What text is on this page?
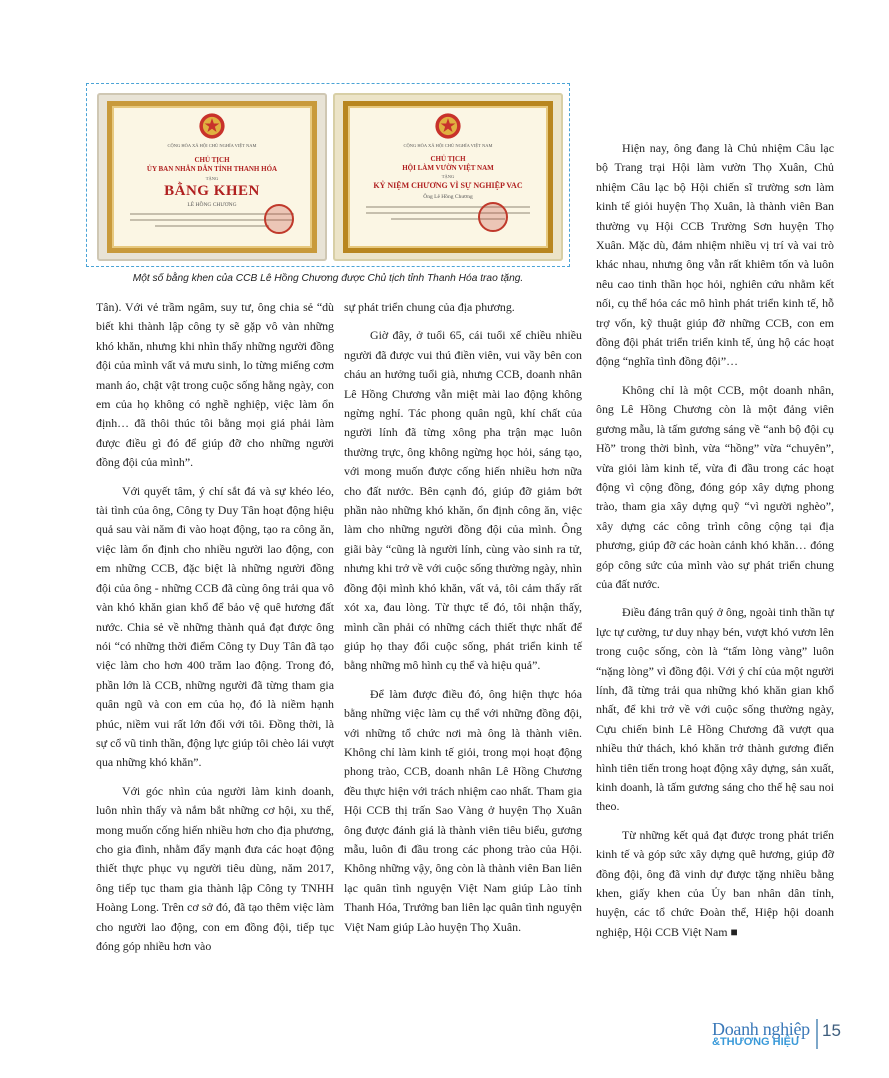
CỘNG HÒA XÃ HỘI CHỦ NGHĨA VIỆT NAM
CHỦ TỊCH
ỦY BAN NHÂN DÂN TỈNH THANH HÓA
TẶNG
BẰNG KHEN
LÊ HỒNG CHƯƠNG
CỘNG HÒA XÃ HỘI CHỦ NGHĨA VIỆT NAM
CHỦ TỊCH
HỘI LÀM VƯỜN VIỆT NAM
TẶNG
KỶ NIỆM CHƯƠNG VÌ SỰ NGHIỆP VAC
Ông Lê Hồng Chương
Một số bằng khen của CCB Lê Hồng Chương được Chủ tịch tỉnh Thanh Hóa trao tặng.

Tân). Với vẻ trầm ngâm, suy tư, ông chia sẻ “dù biết khi thành lập công ty sẽ gặp vô vàn những khó khăn, nhưng khi nhìn thấy những người đồng đội của mình vất vả mưu sinh, lo từng miếng cơm manh áo, chật vật trong cuộc sống hằng ngày, con em của họ không có nghề nghiệp, việc làm ổn định… đã thôi thúc tôi bằng mọi giá phải làm được điều gì đó để giúp đỡ cho những người đồng đội của mình”.

Với quyết tâm, ý chí sắt đá và sự khéo léo, tài tình của ông, Công ty Duy Tân hoạt động hiệu quả sau vài năm đi vào hoạt động, tạo ra công ăn, việc làm ổn định cho nhiều người lao động, con em những CCB, đặc biệt là những người đồng đội của ông - những CCB đã cùng ông trải qua vô vàn khó khăn gian khổ để bảo vệ quê hương đất nước. Chia sẻ về những thành quả đạt được ông nói “có những thời điểm Công ty Duy Tân đã tạo việc làm cho hơn 400 trăm lao động. Trong đó, phần lớn là CCB, những người đã từng tham gia quân ngũ và con em của họ, đó là niềm hạnh phúc, niềm vui rất lớn đối với tôi. Đồng thời, là sự cổ vũ tinh thần, động lực giúp tôi chèo lái vượt qua những khó khăn”.

Với góc nhìn của người làm kinh doanh, luôn nhìn thấy và nắm bắt những cơ hội, xu thế, mong muốn cống hiến nhiều hơn cho địa phương, cho gia đình, nhằm đẩy mạnh đưa các hoạt động thiết thực phục vụ người tiêu dùng, năm 2017, ông tiếp tục tham gia thành lập Công ty TNHH Hoàng Long. Trên cơ sở đó, đã tạo thêm việc làm cho người lao động, con em đồng đội, tiếp tục đóng góp nhiều hơn vào

sự phát triển chung của địa phương.

Giờ đây, ở tuổi 65, cái tuổi xế chiều nhiều người đã được vui thú điền viên, vui vầy bên con cháu an hưởng tuổi già, nhưng CCB, doanh nhân Lê Hồng Chương vẫn miệt mài lao động không ngừng nghỉ. Tác phong quân ngũ, khí chất của người lính đã từng xông pha trận mạc luôn thường trực, ông không ngừng học hỏi, sáng tạo, với mong muốn được cống hiến nhiều hơn nữa cho đất nước. Bên cạnh đó, giúp đỡ giảm bớt phần nào những khó khăn, ổn định công ăn, việc làm cho những người đồng đội của mình. Ông giãi bày “cũng là người lính, cùng vào sinh ra tử, nhưng khi trở về với cuộc sống thường ngày, nhìn đồng đội mình khó khăn, vất vả, tôi cảm thấy rất xót xa, đau lòng. Từ thực tế đó, tôi nhận thấy, mình cần phải có những cách thiết thực nhất để giúp họ thay đổi cuộc sống, phát triển kinh tế bằng những mô hình cụ thể và hiệu quả”.

Để làm được điều đó, ông hiện thực hóa bằng những việc làm cụ thể với những đồng đội, với những tổ chức nơi mà ông là thành viên. Không chỉ làm kinh tế giỏi, trong mọi hoạt động phong trào, CCB, doanh nhân Lê Hồng Chương đều thực hiện với trách nhiệm cao nhất. Tham gia Hội CCB thị trấn Sao Vàng ở huyện Thọ Xuân ông được đánh giá là thành viên tiêu biểu, gương mẫu, luôn đi đầu trong các phong trào của Hội. Không những vậy, ông còn là thành viên Ban liên lạc quân tình nguyện Việt Nam giúp Lào tỉnh Thanh Hóa, Trưởng ban liên lạc quân tình nguyện Việt Nam giúp Lào huyện Thọ Xuân.

Hiện nay, ông đang là Chủ nhiệm Câu lạc bộ Trang trại Hội làm vườn Thọ Xuân, Chủ nhiệm Câu lạc bộ Hội chiến sĩ trường sơn làm kinh tế giỏi huyện Thọ Xuân, là thành viên Ban thường vụ Hội CCB Trường Sơn huyện Thọ Xuân. Mặc dù, đảm nhiệm nhiều vị trí và vai trò khác nhau, nhưng ông vẫn rất khiêm tốn và luôn nêu cao tinh thần học hỏi, nghiên cứu nhằm kết nối, cụ thể hóa các mô hình phát triển kinh tế, hỗ trợ vốn, kỹ thuật giúp đỡ những CCB, con em đồng đội phát triển triển kinh tế, ủng hộ các hoạt động “nghĩa tình đồng đội”…

Không chỉ là một CCB, một doanh nhân, ông Lê Hồng Chương còn là một đảng viên gương mẫu, là tấm gương sáng về “anh bộ đội cụ Hồ” trong thời bình, vừa “hồng” vừa “chuyên”, vừa giỏi làm kinh tế, vừa đi đầu trong các hoạt động vì cộng đồng, đóng góp xây dựng phong trào, tham gia xây dựng quỹ “vì người nghèo”, xây dựng các công trình công cộng tại địa phương, giúp đỡ các hoàn cảnh khó khăn… đóng góp công sức của mình vào sự phát triển chung của đất nước.

Điều đáng trân quý ở ông, ngoài tinh thần tự lực tự cường, tư duy nhạy bén, vượt khó vươn lên trong cuộc sống, còn là “tấm lòng vàng” luôn “nặng lòng” vì đồng đội. Với ý chí của một người lính, đã từng trải qua những khó khăn gian khổ nhất, để khi trở về với cuộc sống thường ngày, Cựu chiến binh Lê Hồng Chương đã vượt qua nhiều thử thách, khó khăn trở thành gương điển hình tiên tiến trong hoạt động xây dựng, sản xuất, kinh doanh, là tấm gương sáng cho thế hệ sau noi theo.

Từ những kết quả đạt được trong phát triển kinh tế và góp sức xây dựng quê hương, giúp đỡ đồng đội, ông đã vinh dự được tặng nhiều bằng khen, giấy khen của Ủy ban nhân dân tỉnh, huyện, các tổ chức Đoàn thể, Hiệp hội doanh nghiệp, Hội CCB Việt Nam ■

Doanh nghiệp
&THƯƠNG HIỆU
15
